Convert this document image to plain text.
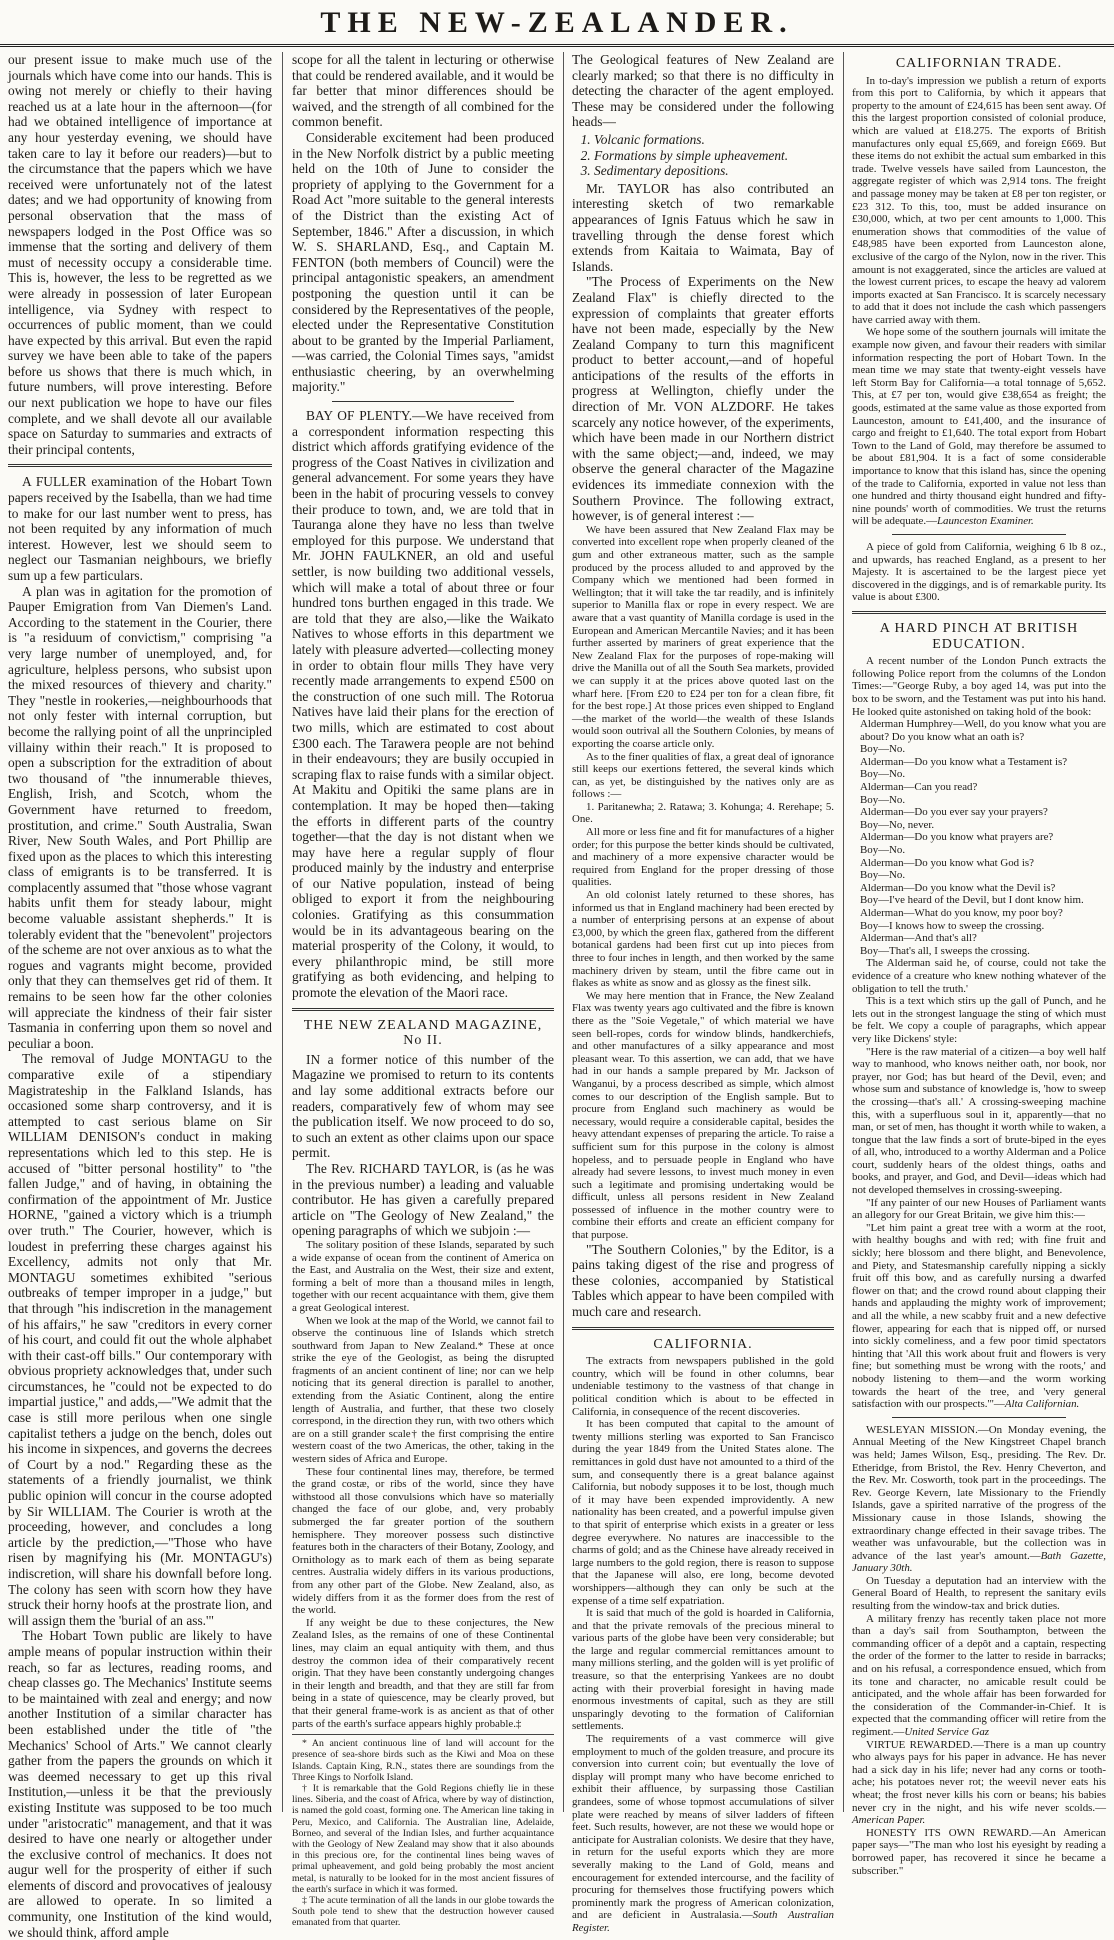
THE NEW-ZEALANDER.

our present issue to make much use of the journals which have come into our hands. This is owing not merely or chiefly to their having reached us at a late hour in the afternoon—(for had we obtained intelligence of importance at any hour yesterday evening, we should have taken care to lay it before our readers)—but to the circumstance that the papers which we have received were unfortunately not of the latest dates; and we had opportunity of knowing from personal observation that the mass of newspapers lodged in the Post Office was so immense that the sorting and delivery of them must of necessity occupy a considerable time. This is, however, the less to be regretted as we were already in possession of later European intelligence, via Sydney with respect to occurrences of public moment, than we could have expected by this arrival. But even the rapid survey we have been able to take of the papers before us shows that there is much which, in future numbers, will prove interesting. Before our next publication we hope to have our files complete, and we shall devote all our available space on Saturday to summaries and extracts of their principal contents,

A FULLER examination of the Hobart Town papers received by the Isabella, than we had time to make for our last number went to press, has not been requited by any information of much interest. However, lest we should seem to neglect our Tasmanian neighbours, we briefly sum up a few particulars.

A plan was in agitation for the promotion of Pauper Emigration from Van Diemen's Land. According to the statement in the Courier, there is "a residuum of convictism," comprising "a very large number of unemployed, and, for agriculture, helpless persons, who subsist upon the mixed resources of thievery and charity." They "nestle in rookeries,—neighbourhoods that not only fester with internal corruption, but become the rallying point of all the unprincipled villainy within their reach." It is proposed to open a subscription for the extradition of about two thousand of "the innumerable thieves, English, Irish, and Scotch, whom the Government have returned to freedom, prostitution, and crime." South Australia, Swan River, New South Wales, and Port Phillip are fixed upon as the places to which this interesting class of emigrants is to be transferred. It is complacently assumed that "those whose vagrant habits unfit them for steady labour, might become valuable assistant shepherds." It is tolerably evident that the "benevolent" projectors of the scheme are not over anxious as to what the rogues and vagrants might become, provided only that they can themselves get rid of them. It remains to be seen how far the other colonies will appreciate the kindness of their fair sister Tasmania in conferring upon them so novel and peculiar a boon.

The removal of Judge MONTAGU to the comparative exile of a stipendiary Magistrateship in the Falkland Islands, has occasioned some sharp controversy, and it is attempted to cast serious blame on Sir WILLIAM DENISON's conduct in making representations which led to this step. He is accused of "bitter personal hostility" to "the fallen Judge," and of having, in obtaining the confirmation of the appointment of Mr. Justice HORNE, "gained a victory which is a triumph over truth." The Courier, however, which is loudest in preferring these charges against his Excellency, admits not only that Mr. MONTAGU sometimes exhibited "serious outbreaks of temper improper in a judge," but that through "his indiscretion in the management of his affairs," he saw "creditors in every corner of his court, and could fit out the whole alphabet with their cast-off bills." Our contemporary with obvious propriety acknowledges that, under such circumstances, he "could not be expected to do impartial justice," and adds,—"We admit that the case is still more perilous when one single capitalist tethers a judge on the bench, doles out his income in sixpences, and governs the decrees of Court by a nod." Regarding these as the statements of a friendly journalist, we think public opinion will concur in the course adopted by Sir WILLIAM. The Courier is wroth at the proceeding, however, and concludes a long article by the prediction,—"Those who have risen by magnifying his (Mr. MONTAGU's) indiscretion, will share his downfall before long. The colony has seen with scorn how they have struck their horny hoofs at the prostrate lion, and will assign them the 'burial of an ass.'"

The Hobart Town public are likely to have ample means of popular instruction within their reach, so far as lectures, reading rooms, and cheap classes go. The Mechanics' Institute seems to be maintained with zeal and energy; and now another Institution of a similar character has been established under the title of "the Mechanics' School of Arts." We cannot clearly gather from the papers the grounds on which it was deemed necessary to get up this rival Institution,—unless it be that the previously existing Institute was supposed to be too much under "aristocratic" management, and that it was desired to have one nearly or altogether under the exclusive control of mechanics. It does not augur well for the prosperity of either if such elements of discord and provocatives of jealousy are allowed to operate. In so limited a community, one Institution of the kind would, we should think, afford ample

scope for all the talent in lecturing or otherwise that could be rendered available, and it would be far better that minor differences should be waived, and the strength of all combined for the common benefit.

Considerable excitement had been produced in the New Norfolk district by a public meeting held on the 10th of June to consider the propriety of applying to the Government for a Road Act "more suitable to the general interests of the District than the existing Act of September, 1846." After a discussion, in which W. S. SHARLAND, Esq., and Captain M. FENTON (both members of Council) were the principal antagonistic speakers, an amendment postponing the question until it can be considered by the Representatives of the people, elected under the Representative Constitution about to be granted by the Imperial Parliament,—was carried, the Colonial Times says, "amidst enthusiastic cheering, by an overwhelming majority."

BAY OF PLENTY.—We have received from a correspondent information respecting this district which affords gratifying evidence of the progress of the Coast Natives in civilization and general advancement. For some years they have been in the habit of procuring vessels to convey their produce to town, and, we are told that in Tauranga alone they have no less than twelve employed for this purpose. We understand that Mr. JOHN FAULKNER, an old and useful settler, is now building two additional vessels, which will make a total of about three or four hundred tons burthen engaged in this trade. We are told that they are also,—like the Waikato Natives to whose efforts in this department we lately with pleasure adverted—collecting money in order to obtain flour mills They have very recently made arrangements to expend £500 on the construction of one such mill. The Rotorua Natives have laid their plans for the erection of two mills, which are estimated to cost about £300 each. The Tarawera people are not behind in their endeavours; they are busily occupied in scraping flax to raise funds with a similar object. At Makitu and Opitiki the same plans are in contemplation. It may be hoped then—taking the efforts in different parts of the country together—that the day is not distant when we may have here a regular supply of flour produced mainly by the industry and enterprise of our Native population, instead of being obliged to export it from the neighbouring colonies. Gratifying as this consummation would be in its advantageous bearing on the material prosperity of the Colony, it would, to every philanthropic mind, be still more gratifying as both evidencing, and helping to promote the elevation of the Maori race.

THE NEW ZEALAND MAGAZINE, No II.

IN a former notice of this number of the Magazine we promised to return to its contents and lay some additional extracts before our readers, comparatively few of whom may see the publication itself. We now proceed to do so, to such an extent as other claims upon our space permit.

The Rev. RICHARD TAYLOR, is (as he was in the previous number) a leading and valuable contributor. He has given a carefully prepared article on "The Geology of New Zealand," the opening paragraphs of which we subjoin :—

The solitary position of these Islands, separated by such a wide expanse of ocean from the continent of America on the East, and Australia on the West, their size and extent, forming a belt of more than a thousand miles in length, together with our recent acquaintance with them, give them a great Geological interest.

When we look at the map of the World, we cannot fail to observe the continuous line of Islands which stretch southward from Japan to New Zealand.* These at once strike the eye of the Geologist, as being the disrupted fragments of an ancient continent of line; nor can we help noticing that its general direction is parallel to another, extending from the Asiatic Continent, along the entire length of Australia, and further, that these two closely correspond, in the direction they run, with two others which are on a still grander scale† the first comprising the entire western coast of the two Americas, the other, taking in the western sides of Africa and Europe.

These four continental lines may, therefore, be termed the grand costæ, or ribs of the world, since they have withstood all those convulsions which have so materially changed the face of our globe, and, very probably submerged the far greater portion of the southern hemisphere. They moreover possess such distinctive features both in the characters of their Botany, Zoology, and Ornithology as to mark each of them as being separate centres. Australia widely differs in its various productions, from any other part of the Globe. New Zealand, also, as widely differs from it as the former does from the rest of the world.

If any weight be due to these conjectures, the New Zealand Isles, as the remains of one of these Continental lines, may claim an equal antiquity with them, and thus destroy the common idea of their comparatively recent origin. That they have been constantly undergoing changes in their length and breadth, and that they are still far from being in a state of quiescence, may be clearly proved, but that their general frame-work is as ancient as that of other parts of the earth's surface appears highly probable.‡

* An ancient continuous line of land will account for the presence of sea-shore birds such as the Kiwi and Moa on these Islands. Captain King, R.N., states there are soundings from the Three Kings to Norfolk Island.

† It is remarkable that the Gold Regions chiefly lie in these lines. Siberia, and the coast of Africa, where by way of distinction, is named the gold coast, forming one. The American line taking in Peru, Mexico, and California. The Australian line, Adelaide, Borneo, and several of the Indian Isles, and further acquaintance with the Geology of New Zealand may show that it also abounds in this precious ore, for the continental lines being waves of primal upheavement, and gold being probably the most ancient metal, is naturally to be looked for in the most ancient fissures of the earth's surface in which it was formed.

‡ The acute termination of all the lands in our globe towards the South pole tend to shew that the destruction however caused emanated from that quarter.

The Geological features of New Zealand are clearly marked; so that there is no difficulty in detecting the character of the agent employed. These may be considered under the following heads—

1. Volcanic formations.
2. Formations by simple upheavement.
3. Sedimentary depositions.

Mr. TAYLOR has also contributed an interesting sketch of two remarkable appearances of Ignis Fatuus which he saw in travelling through the dense forest which extends from Kaitaia to Waimata, Bay of Islands.

"The Process of Experiments on the New Zealand Flax" is chiefly directed to the expression of complaints that greater efforts have not been made, especially by the New Zealand Company to turn this magnificent product to better account,—and of hopeful anticipations of the results of the efforts in progress at Wellington, chiefly under the direction of Mr. VON ALZDORF. He takes scarcely any notice however, of the experiments, which have been made in our Northern district with the same object;—and, indeed, we may observe the general character of the Magazine evidences its immediate connexion with the Southern Province. The following extract, however, is of general interest :—

We have been assured that New Zealand Flax may be converted into excellent rope when properly cleaned of the gum and other extraneous matter, such as the sample produced by the process alluded to and approved by the Company which we mentioned had been formed in Wellington; that it will take the tar readily, and is infinitely superior to Manilla flax or rope in every respect. We are aware that a vast quantity of Manilla cordage is used in the European and American Mercantile Navies; and it has been further asserted by mariners of great experience that the New Zealand Flax for the purposes of rope-making will drive the Manilla out of all the South Sea markets, provided we can supply it at the prices above quoted last on the wharf here. [From £20 to £24 per ton for a clean fibre, fit for the best rope.] At those prices even shipped to England—the market of the world—the wealth of these Islands would soon outrival all the Southern Colonies, by means of exporting the coarse article only.

As to the finer qualities of flax, a great deal of ignorance still keeps our exertions fettered, the several kinds which can, as yet, be distinguished by the natives only are as follows :—

1. Paritanewha; 2. Ratawa; 3. Kohunga; 4. Rerehape; 5. One.

All more or less fine and fit for manufactures of a higher order; for this purpose the better kinds should be cultivated, and machinery of a more expensive character would be required from England for the proper dressing of those qualities.

An old colonist lately returned to these shores, has informed us that in England machinery had been erected by a number of enterprising persons at an expense of about £3,000, by which the green flax, gathered from the different botanical gardens had been first cut up into pieces from three to four inches in length, and then worked by the same machinery driven by steam, until the fibre came out in flakes as white as snow and as glossy as the finest silk.

We may here mention that in France, the New Zealand Flax was twenty years ago cultivated and the fibre is known there as the "Soie Vegetale," of which material we have seen bell-ropes, cords for window blinds, handkerchiefs, and other manufactures of a silky appearance and most pleasant wear. To this assertion, we can add, that we have had in our hands a sample prepared by Mr. Jackson of Wanganui, by a process described as simple, which almost comes to our description of the English sample. But to procure from England such machinery as would be necessary, would require a considerable capital, besides the heavy attendant expenses of preparing the article. To raise a sufficient sum for this purpose in the colony is almost hopeless, and to persuade people in England who have already had severe lessons, to invest much money in even such a legitimate and promising undertaking would be difficult, unless all persons resident in New Zealand possessed of influence in the mother country were to combine their efforts and create an efficient company for that purpose.

"The Southern Colonies," by the Editor, is a pains taking digest of the rise and progress of these colonies, accompanied by Statistical Tables which appear to have been compiled with much care and research.

CALIFORNIA.

The extracts from newspapers published in the gold country, which will be found in other columns, bear undeniable testimony to the vastness of that change in political condition which is about to be effected in California, in consequence of the recent discoveries.

It has been computed that capital to the amount of twenty millions sterling was exported to San Francisco during the year 1849 from the United States alone. The remittances in gold dust have not amounted to a third of the sum, and consequently there is a great balance against California, but nobody supposes it to be lost, though much of it may have been expended improvidently. A new nationality has been created, and a powerful impulse given to that spirit of enterprise which exists in a greater or less degree everywhere. No natures are inaccessible to the charms of gold; and as the Chinese have already received in large numbers to the gold region, there is reason to suppose that the Japanese will also, ere long, become devoted worshippers—although they can only be such at the expense of a time self expatriation.

It is said that much of the gold is hoarded in California, and that the private removals of the precious mineral to various parts of the globe have been very considerable; but the large and regular commercial remittances amount to many millions sterling, and the golden will is yet prolific of treasure, so that the enterprising Yankees are no doubt acting with their proverbial foresight in having made enormous investments of capital, such as they are still unsparingly devoting to the formation of Californian settlements.

The requirements of a vast commerce will give employment to much of the golden treasure, and procure its conversion into current coin; but eventually the love of display will prompt many who have become enriched to exhibit their affluence, by surpassing those Castilian grandees, some of whose topmost accumulations of silver plate were reached by means of silver ladders of fifteen feet. Such results, however, are not these we would hope or anticipate for Australian colonists. We desire that they have, in return for the useful exports which they are more severally making to the Land of Gold, means and encouragement for extended intercourse, and the facility of procuring for themselves those fructifying powers which prominently mark the progress of American colonization, and are deficient in Australasia.—South Australian Register.

CALIFORNIAN TRADE.

In to-day's impression we publish a return of exports from this port to California, by which it appears that property to the amount of £24,615 has been sent away. Of this the largest proportion consisted of colonial produce, which are valued at £18.275. The exports of British manufactures only equal £5,669, and foreign £669. But these items do not exhibit the actual sum embarked in this trade. Twelve vessels have sailed from Launceston, the aggregate register of which was 2,914 tons. The freight and passage money may be taken at £8 per ton register, or £23 312. To this, too, must be added insurance on £30,000, which, at two per cent amounts to 1,000. This enumeration shows that commodities of the value of £48,985 have been exported from Launceston alone, exclusive of the cargo of the Nylon, now in the river. This amount is not exaggerated, since the articles are valued at the lowest current prices, to escape the heavy ad valorem imports exacted at San Francisco. It is scarcely necessary to add that it does not include the cash which passengers have carried away with them.

We hope some of the southern journals will imitate the example now given, and favour their readers with similar information respecting the port of Hobart Town. In the mean time we may state that twenty-eight vessels have left Storm Bay for California—a total tonnage of 5,652. This, at £7 per ton, would give £38,654 as freight; the goods, estimated at the same value as those exported from Launceston, amount to £41,400, and the insurance of cargo and freight to £1,640. The total export from Hobart Town to the Land of Gold, may therefore be assumed to be about £81,904. It is a fact of some considerable importance to know that this island has, since the opening of the trade to California, exported in value not less than one hundred and thirty thousand eight hundred and fifty-nine pounds' worth of commodities. We trust the returns will be adequate.—Launceston Examiner.

A piece of gold from California, weighing 6 lb 8 oz., and upwards, has reached England, as a present to her Majesty. It is ascertained to be the largest piece yet discovered in the diggings, and is of remarkable purity. Its value is about £300.

A HARD PINCH AT BRITISH EDUCATION.

A recent number of the London Punch extracts the following Police report from the columns of the London Times:—"George Ruby, a boy aged 14, was put into the box to be sworn, and the Testament was put into his hand. He looked quite astonished on taking hold of the book:

Alderman Humphrey—Well, do you know what you are about? Do you know what an oath is?

Boy—No.

Alderman—Do you know what a Testament is?

Boy—No.

Alderman—Can you read?

Boy—No.

Alderman—Do you ever say your prayers?

Boy—No, never.

Alderman—Do you know what prayers are?

Boy—No.

Alderman—Do you know what God is?

Boy—No.

Alderman—Do you know what the Devil is?

Boy—I've heard of the Devil, but I dont know him.

Alderman—What do you know, my poor boy?

Boy—I knows how to sweep the crossing.

Alderman—And that's all?

Boy—That's all, I sweeps the crossing.

The Alderman said he, of course, could not take the evidence of a creature who knew nothing whatever of the obligation to tell the truth.'

This is a text which stirs up the gall of Punch, and he lets out in the strongest language the sting of which must be felt. We copy a couple of paragraphs, which appear very like Dickens' style:

"Here is the raw material of a citizen—a boy well half way to manhood, who knows neither oath, nor book, nor prayer, nor God; has but heard of the Devil, even; and whose sum and substance of knowledge is, 'how to sweep the crossing—that's all.' A crossing-sweeping machine this, with a superfluous soul in it, apparently—that no man, or set of men, has thought it worth while to waken, a tongue that the law finds a sort of brute-biped in the eyes of all, who, introduced to a worthy Alderman and a Police court, suddenly hears of the oldest things, oaths and books, and prayer, and God, and Devil—ideas which had not developed themselves in crossing-sweeping.

"If any painter of our new Houses of Parliament wants an allegory for our Great Britain, we give him this:—

"Let him paint a great tree with a worm at the root, with healthy boughs and with red; with fine fruit and sickly; here blossom and there blight, and Benevolence, and Piety, and Statesmanship carefully nipping a sickly fruit off this bow, and as carefully nursing a dwarfed flower on that; and the crowd round about clapping their hands and applauding the mighty work of improvement; and all the while, a new scabby fruit and a new defective flower, appearing for each that is nipped off, or nursed into sickly comeliness, and a few poor timid spectators hinting that 'All this work about fruit and flowers is very fine; but something must be wrong with the roots,' and nobody listening to them—and the worm working towards the heart of the tree, and 'very general satisfaction with our prospects.'"—Alta Californian.

WESLEYAN MISSION.—On Monday evening, the Annual Meeting of the New Kingstreet Chapel branch was held; James Wilson, Esq., presiding. The Rev. Dr. Etheridge, from Bristol, the Rev. Henry Cheverton, and the Rev. Mr. Cosworth, took part in the proceedings. The Rev. George Kevern, late Missionary to the Friendly Islands, gave a spirited narrative of the progress of the Missionary cause in those Islands, showing the extraordinary change effected in their savage tribes. The weather was unfavourable, but the collection was in advance of the last year's amount.—Bath Gazette, January 30th.

On Tuesday a deputation had an interview with the General Board of Health, to represent the sanitary evils resulting from the window-tax and brick duties.

A military frenzy has recently taken place not more than a day's sail from Southampton, between the commanding officer of a depôt and a captain, respecting the order of the former to the latter to reside in barracks; and on his refusal, a correspondence ensued, which from its tone and character, no amicable result could be anticipated, and the whole affair has been forwarded for the consideration of the Commander-in-Chief. It is expected that the commanding officer will retire from the regiment.—United Service Gaz

VIRTUE REWARDED.—There is a man up country who always pays for his paper in advance. He has never had a sick day in his life; never had any corns or tooth-ache; his potatoes never rot; the weevil never eats his wheat; the frost never kills his corn or beans; his babies never cry in the night, and his wife never scolds.—American Paper.

HONESTY ITS OWN REWARD.—An American paper says—"The man who lost his eyesight by reading a borrowed paper, has recovered it since he became a subscriber."
